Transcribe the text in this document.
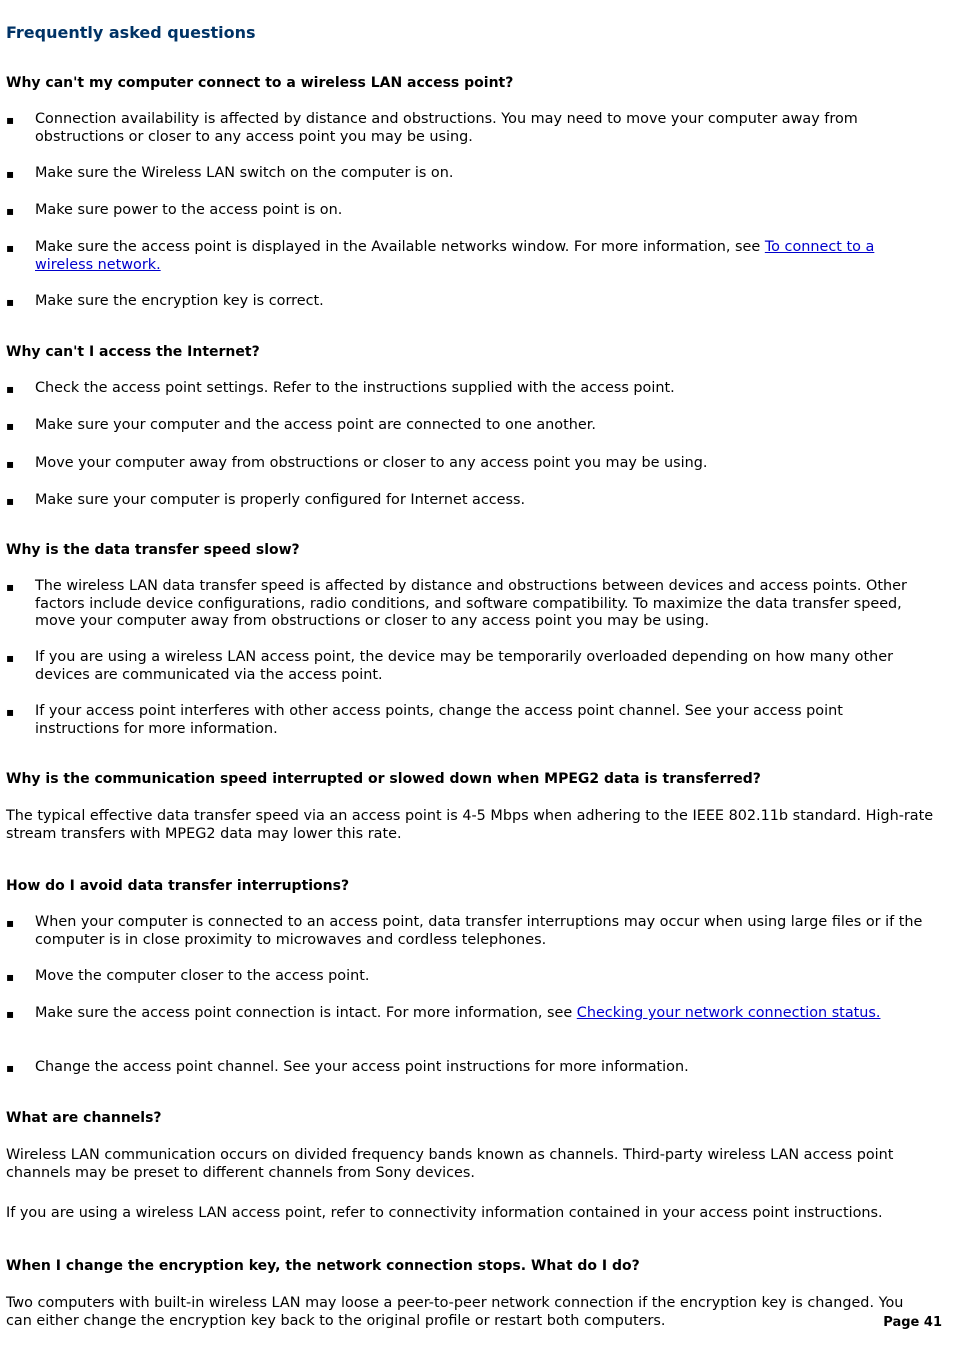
Frequently asked questions
Why can't my computer connect to a wireless LAN access point?
▪ Connection availability is affected by distance and obstructions. You may need to move your computer away from obstructions or closer to any access point you may be using.
▪ Make sure the Wireless LAN switch on the computer is on.
▪ Make sure power to the access point is on.
▪ Make sure the access point is displayed in the Available networks window. For more information, see To connect to a wireless network.
▪ Make sure the encryption key is correct.
Why can't I access the Internet?
▪ Check the access point settings. Refer to the instructions supplied with the access point.
▪ Make sure your computer and the access point are connected to one another.
▪ Move your computer away from obstructions or closer to any access point you may be using.
▪ Make sure your computer is properly configured for Internet access.
Why is the data transfer speed slow?
▪ The wireless LAN data transfer speed is affected by distance and obstructions between devices and access points. Other factors include device configurations, radio conditions, and software compatibility. To maximize the data transfer speed, move your computer away from obstructions or closer to any access point you may be using.
▪ If you are using a wireless LAN access point, the device may be temporarily overloaded depending on how many other devices are communicated via the access point.
▪ If your access point interferes with other access points, change the access point channel. See your access point instructions for more information.
Why is the communication speed interrupted or slowed down when MPEG2 data is transferred?
The typical effective data transfer speed via an access point is 4-5 Mbps when adhering to the IEEE 802.11b standard. High-rate stream transfers with MPEG2 data may lower this rate.
How do I avoid data transfer interruptions?
▪ When your computer is connected to an access point, data transfer interruptions may occur when using large files or if the computer is in close proximity to microwaves and cordless telephones.
▪ Move the computer closer to the access point.
▪ Make sure the access point connection is intact. For more information, see Checking your network connection status.
▪ Change the access point channel. See your access point instructions for more information.
What are channels?
Wireless LAN communication occurs on divided frequency bands known as channels. Third-party wireless LAN access point channels may be preset to different channels from Sony devices.
If you are using a wireless LAN access point, refer to connectivity information contained in your access point instructions.
When I change the encryption key, the network connection stops. What do I do?
Two computers with built-in wireless LAN may loose a peer-to-peer network connection if the encryption key is changed. You can either change the encryption key back to the original profile or restart both computers.	Page 41
